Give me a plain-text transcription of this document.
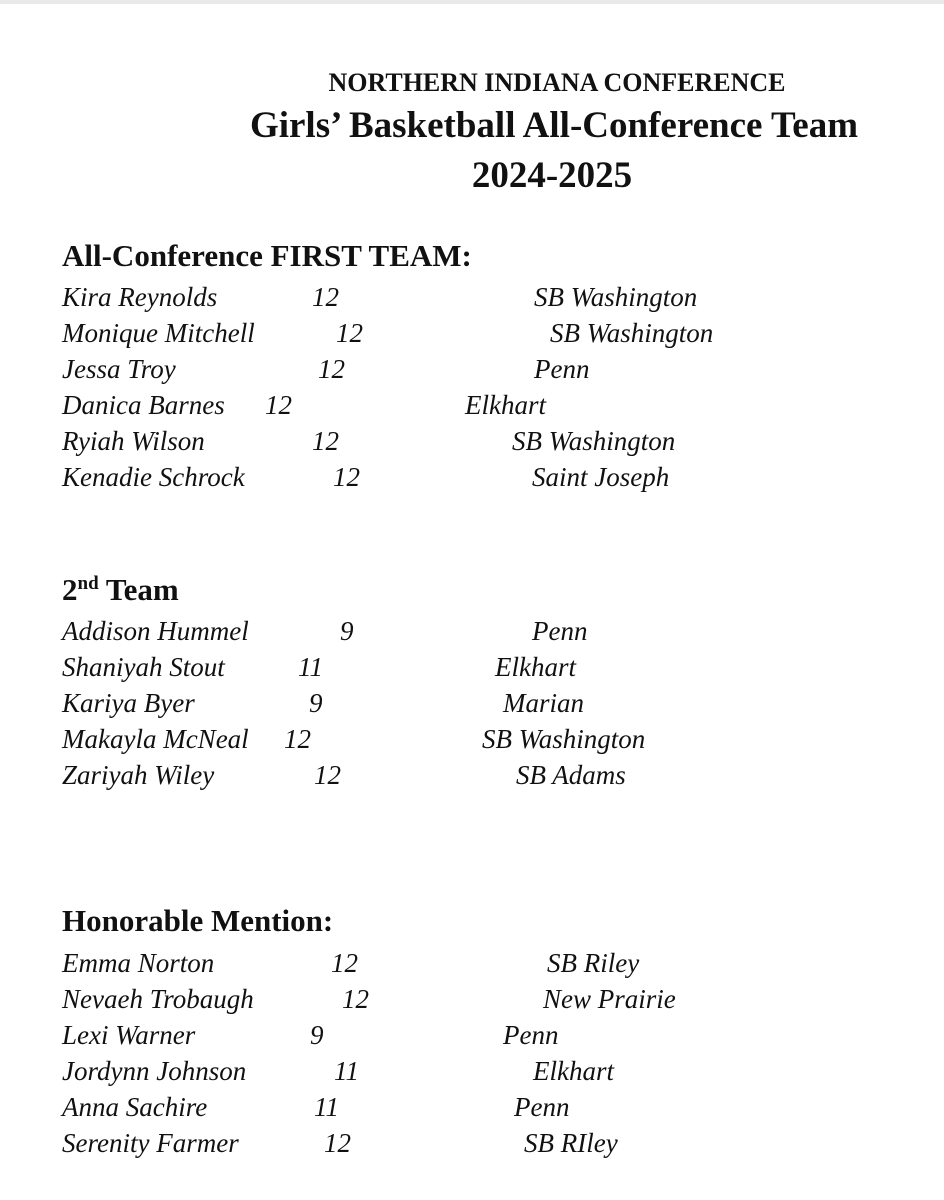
NORTHERN INDIANA CONFERENCE
Girls’ Basketball All-Conference Team
2024-2025
All-Conference FIRST TEAM:
Kira Reynolds	12	SB Washington
Monique Mitchell	12	SB Washington
Jessa Troy	12	Penn
Danica Barnes 12	Elkhart
Ryiah Wilson	12	SB Washington
Kenadie Schrock	12	Saint Joseph
2nd Team
Addison Hummel	9	Penn
Shaniyah Stout	11	Elkhart
Kariya Byer	9	Marian
Makayla McNeal 12	SB Washington
Zariyah Wiley	12	SB Adams
Honorable Mention:
Emma Norton	12	SB Riley
Nevaeh Trobaugh	12	New Prairie
Lexi Warner	9	Penn
Jordynn Johnson	11	Elkhart
Anna Sachire	11	Penn
Serenity Farmer	12	SB RIley
